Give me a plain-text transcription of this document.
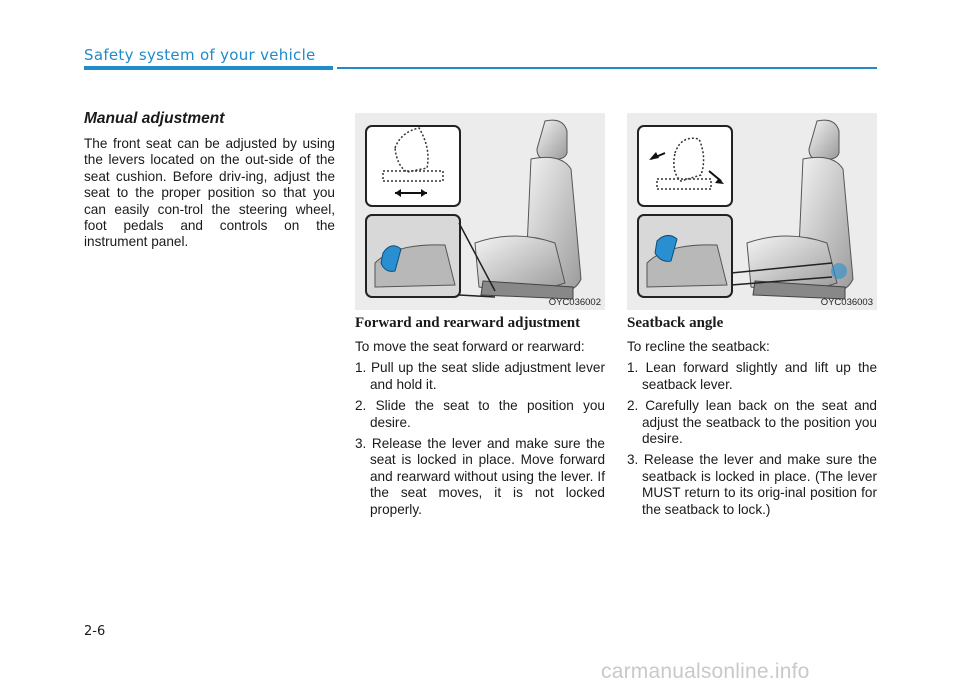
Safety system of your vehicle

Manual adjustment

The front seat can be adjusted by using the levers located on the out-side of the seat cushion. Before driv-ing, adjust the seat to the proper position so that you can easily con-trol the steering wheel, foot pedals and controls on the instrument panel.

OYC036002	OYC036003

Forward and rearward adjustment

To move the seat forward or rearward:

1. Pull up the seat slide adjustment lever and hold it.
2. Slide the seat to the position you desire.
3. Release the lever and make sure the seat is locked in place. Move forward and rearward without using the lever. If the seat moves, it is not locked properly.

Seatback angle

To recline the seatback:

1. Lean forward slightly and lift up the seatback lever.
2. Carefully lean back on the seat and adjust the seatback to the position you desire.
3. Release the lever and make sure the seatback is locked in place. (The lever MUST return to its orig-inal position for the seatback to lock.)
2-6
carmanualsonline.info
